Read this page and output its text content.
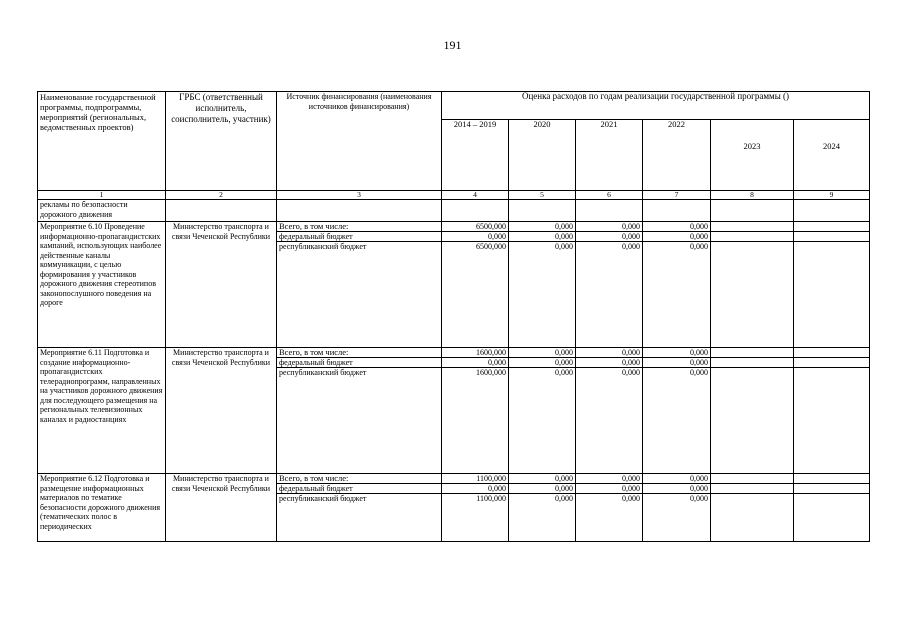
191
Наименование государственной программы, подпрограммы, мероприятий (региональных, ведомственных проектов)	ГРБС (ответственный исполнитель, соисполнитель, участник)	Источник финансирования (наименования источников финансирования)	Оценка расходов по годам реализации государственной программы ()					
			2014 – 2019	2020	2021	2022	2023	2024
1	2	3	4	5	6	7	8	9
рекламы по безопасности дорожного движения								
Мероприятие 6.10 Проведение информационно-пропагандистских кампаний, использующих наиболее действенные каналы коммуникации, с целью формирования у участников дорожного движения стереотипов законопослушного поведения на дороге	Министерство транспорта и связи Чеченской Республики	Всего, в том числе:	6500,000	0,000	0,000	0,000		
		федеральный бюджет	0,000	0,000	0,000	0,000		
		республиканский бюджет	6500,000	0,000	0,000	0,000		
Мероприятие 6.11 Подготовка и создание информационно-пропагандистских телерадиопрограмм, направленных на участников дорожного движения для последующего размещения на региональных телевизионных каналах и радиостанциях	Министерство транспорта и связи Чеченской Республики	Всего, в том числе:	1600,000	0,000	0,000	0,000		
		федеральный бюджет	0,000	0,000	0,000	0,000		
		республиканский бюджет	1600,000	0,000	0,000	0,000		
Мероприятие 6.12 Подготовка и размещение информационных материалов по тематике безопасности дорожного движения (тематических полос в периодических	Министерство транспорта и связи Чеченской Республики	Всего, в том числе:	1100,000	0,000	0,000	0,000		
		федеральный бюджет	0,000	0,000	0,000	0,000		
		республиканский бюджет	1100,000	0,000	0,000	0,000		
